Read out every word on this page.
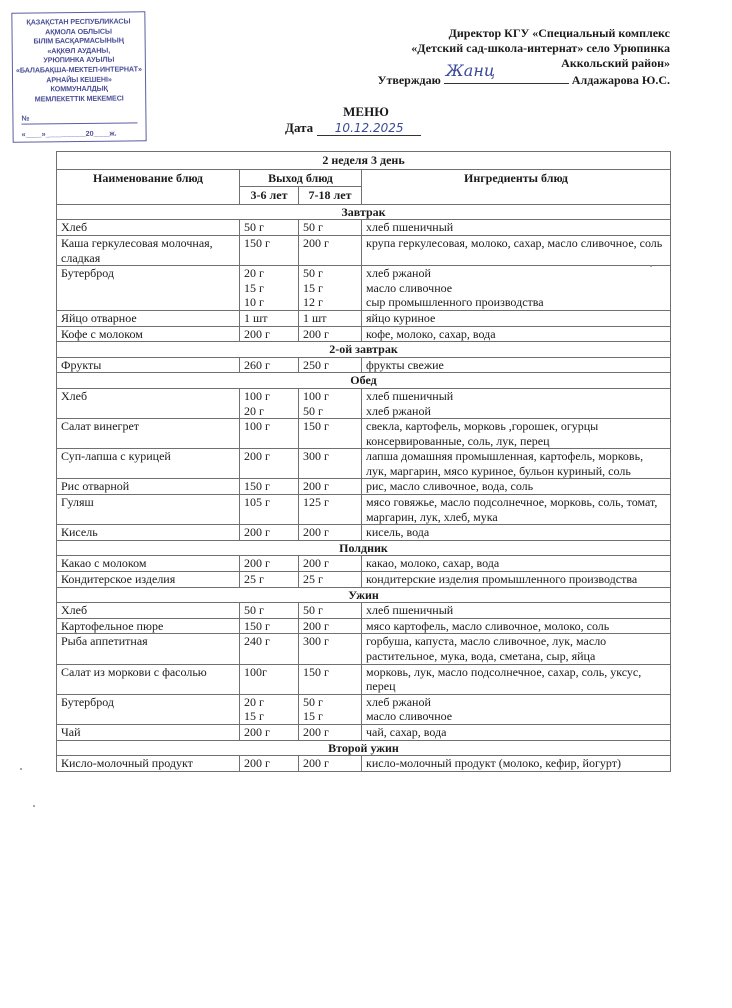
ҚАЗАҚСТАН РЕСПУБЛИКАСЫ
АҚМОЛА ОБЛЫСЫ
БІЛІМ БАСҚАРМАСЫНЫҢ
«АҚКӨЛ АУДАНЫ,
УРЮПИНКА АУЫЛЫ
«БАЛАБАҚША-МЕКТЕП-ИНТЕРНАТ»
АРНАЙЫ КЕШЕНІ»
КОММУНАЛДЫҚ
МЕМЛЕКЕТТІК МЕКЕМЕСІ
№
«____»__________20____ж.
Директор КГУ «Специальный комплекс
«Детский сад-школа-интернат» село Урюпинка
Аккольский район»
Утверждаю Жанц	Алдажарова Ю.С.
МЕНЮ
Дата 10.12.2025
2 неделя 3 день			
Наименование блюд	Выход блюд		Ингредиенты блюд
	3-6 лет	7-18 лет	
Завтрак			
Хлеб	50 г	50 г	хлеб пшеничный

Каша геркулесовая молочная, сладкая	150 г	200 г	крупа геркулесовая, молоко, сахар, масло сливочное, соль

Бутерброд	20 г
15 г
10 г	50 г
15 г
12 г	хлеб ржаной
масло сливочное
сыр промышленного производства

Яйцо отварное	1 шт	1 шт	яйцо куриное

Кофе с молоком	200 г	200 г	кофе, молоко, сахар, вода

2-ой завтрак			
Фрукты	260 г	250 г	фрукты свежие

Обед			
Хлеб	100 г
20 г	100 г
50 г	хлеб пшеничный
хлеб ржаной

Салат винегрет	100 г	150 г	свекла, картофель, морковь ,горошек, огурцы консервированные, соль, лук, перец

Суп-лапша с курицей	200 г	300 г	лапша домашняя промышленная, картофель, морковь, лук, маргарин, мясо куриное, бульон куриный, соль

Рис отварной	150 г	200 г	рис, масло сливочное, вода, соль

Гуляш	105 г	125 г	мясо говяжье, масло подсолнечное, морковь, соль, томат, маргарин, лук, хлеб, мука

Кисель	200 г	200 г	кисель, вода

Полдник			
Какао с молоком	200 г	200 г	какао, молоко, сахар, вода

Кондитерское изделия	25 г	25 г	кондитерские изделия промышленного производства

Ужин			
Хлеб	50 г	50 г	хлеб пшеничный

Картофельное пюре	150 г	200 г	мясо картофель, масло сливочное, молоко, соль

Рыба аппетитная	240 г	300 г	горбуша, капуста, масло сливочное, лук, масло растительное, мука, вода, сметана, сыр, яйца

Салат из моркови с фасолью	100г	150 г	морковь, лук, масло подсолнечное, сахар, соль, уксус, перец

Бутерброд	20 г
15 г	50 г
15 г	хлеб ржаной
масло сливочное

Чай	200 г	200 г	чай, сахар, вода

Второй ужин			
Кисло-молочный продукт	200 г	200 г	кисло-молочный продукт (молоко, кефир, йогурт)
